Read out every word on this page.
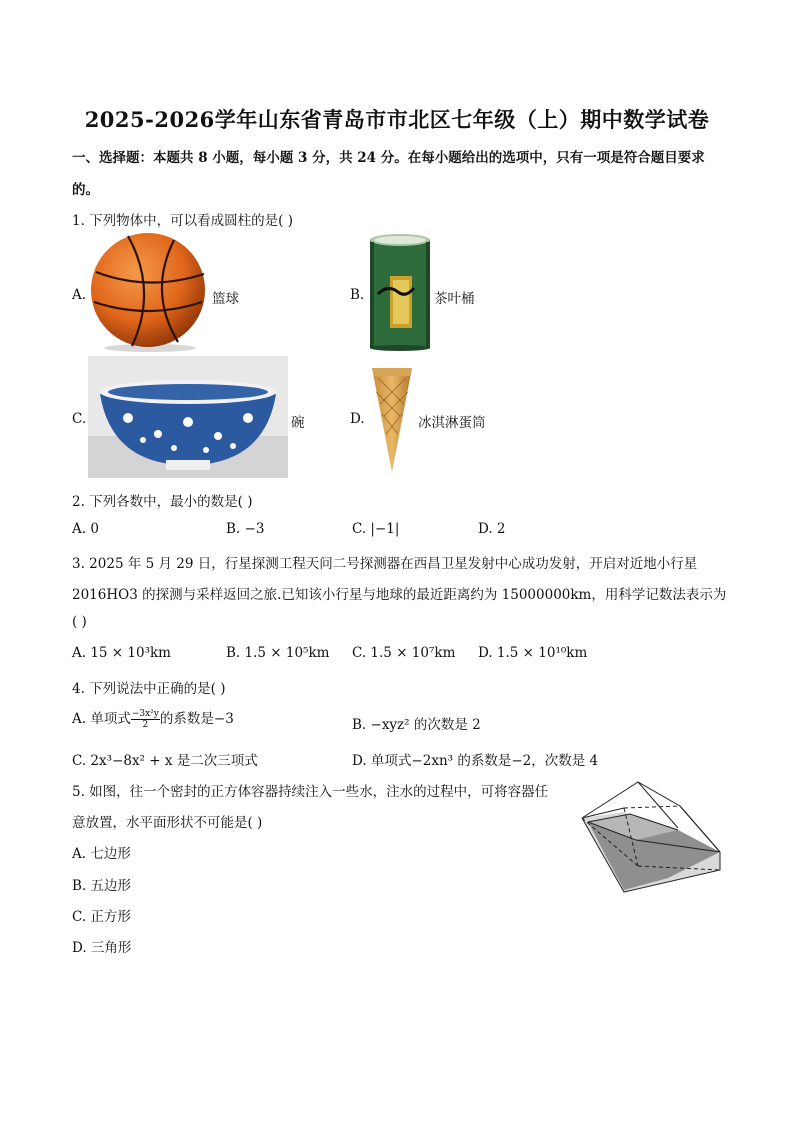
2025-2026学年山东省青岛市市北区七年级（上）期中数学试卷
一、选择题：本题共 8 小题，每小题 3 分，共 24 分。在每小题给出的选项中，只有一项是符合题目要求
的。
1. 下列物体中，可以看成圆柱的是( )
A.	篮球	B.	茶叶桶
C.	碗	D.	冰淇淋蛋筒
2. 下列各数中，最小的数是( )
A. 0	B. −3	C. |−1|	D. 2
3. 2025 年 5 月 29 日，行星探测工程天问二号探测器在西昌卫星发射中心成功发射，开启对近地小行星
2016HO3 的探测与采样返回之旅.已知该小行星与地球的最近距离约为 15000000km，用科学记数法表示为
( )
A. 15 × 10³km	B. 1.5 × 10⁵km C. 1.5 × 10⁷km D. 1.5 × 10¹⁰km
4. 下列说法中正确的是( )
A. 单项式 $\frac{\text{−3x²y}}{2}$ 的系数是−3	B. −xyz² 的次数是 2
C. 2x³−8x² + x 是二次三项式	D. 单项式−2xn³ 的系数是−2，次数是 4
5. 如图，往一个密封的正方体容器持续注入一些水，注水的过程中，可将容器任
意放置，水平面形状不可能是( )
A. 七边形
B. 五边形
C. 正方形
D. 三角形
